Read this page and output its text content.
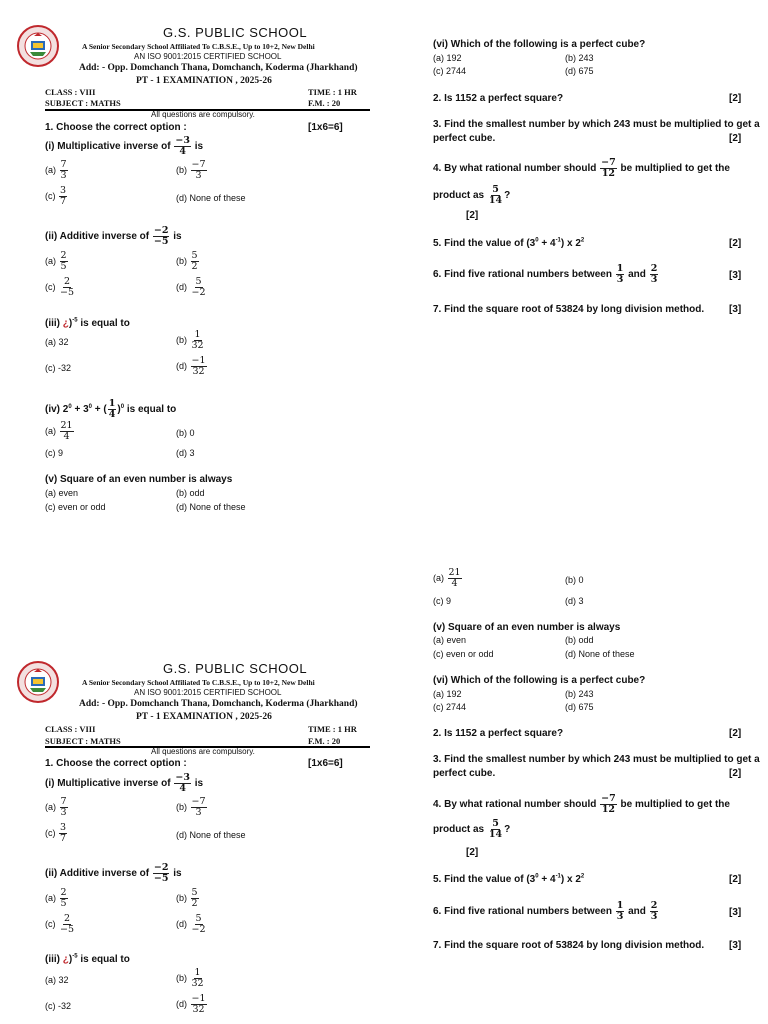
G.S. PUBLIC SCHOOL
A Senior Secondary School Affiliated To C.B.S.E., Up to 10+2, New Delhi
AN ISO 9001:2015 CERTIFIED SCHOOL
Add: - Opp. Domchanch Thana, Domchanch, Koderma (Jharkhand)
PT - 1 EXAMINATION , 2025-26
CLASS : VIII	TIME : 1 HR
SUBJECT : MATHS	F.M. : 20
All questions are compulsory.
1. Choose the correct option :	[1x6=6]
(i) Multiplicative inverse of $\frac{-3}{4}$ is
$(a) \frac{7}{3}$	$(b) \frac{-7}{3}$
$(c) \frac{3}{7}$	(d) None of these
(ii) Additive inverse of $\frac{-2}{-5}$ is
$(a) \frac{2}{5}$	$(b) \frac{5}{2}$
$(c) \frac{2}{-5}$	$(d) \frac{5}{-2}$
(iii) ¿)$^{-5}$ is equal to
(a) 32	$(b) \frac{1}{32}$
(c) -32	$(d) \frac{-1}{32}$
(iv) $2^0 + 3^0$ + ( $\frac{1}{4} )^0$ is equal to
$(a) \frac{21}{4}$	(b) 0
(c) 9	(d) 3
(v) Square of an even number is always
(a) even	(b) odd
(c) even or odd	(d) None of these
(vi) Which of the following is a perfect cube?
(a) 192	(b) 243
(c) 2744	(d) 675
2. Is 1152 a perfect square?	[2]
3. Find the smallest number by which 243 must be multiplied to get a
perfect cube.	[2]
4. By what rational number should $\frac{-7}{12}$ be multiplied to get the
product as $\frac{5}{14}$ ?
[2]
5. Find the value of $(3^0 + 4^{-1})$ x $2^2$	[2]
6. Find five rational numbers between $\frac{1}{3}$ and $\frac{2}{3}$	[3]
7. Find the square root of 53824 by long division method. [3]
$(a) \frac{21}{4}$	(b) 0
(c) 9	(d) 3
(v) Square of an even number is always
(a) even	(b) odd
(c) even or odd	(d) None of these
(vi) Which of the following is a perfect cube?
(a) 192	(b) 243
(c) 2744	(d) 675
2. Is 1152 a perfect square?	[2]
3. Find the smallest number by which 243 must be multiplied to get a
perfect cube.	[2]
4. By what rational number should $\frac{-7}{12}$ be multiplied to get the
product as $\frac{5}{14}$ ?
[2]
5. Find the value of $(3^0 + 4^{-1})$ x $2^2$	[2]
6. Find five rational numbers between $\frac{1}{3}$ and $\frac{2}{3}$	[3]
7. Find the square root of 53824 by long division method. [3]
G.S. PUBLIC SCHOOL
A Senior Secondary School Affiliated To C.B.S.E., Up to 10+2, New Delhi
AN ISO 9001:2015 CERTIFIED SCHOOL
Add: - Opp. Domchanch Thana, Domchanch, Koderma (Jharkhand)
PT - 1 EXAMINATION , 2025-26
CLASS : VIII	TIME : 1 HR
SUBJECT : MATHS	F.M. : 20
All questions are compulsory.
1. Choose the correct option :	[1x6=6]
(i) Multiplicative inverse of $\frac{-3}{4}$ is
$(a) \frac{7}{3}$	$(b) \frac{-7}{3}$
$(c) \frac{3}{7}$	(d) None of these
(ii) Additive inverse of $\frac{-2}{-5}$ is
$(a) \frac{2}{5}$	$(b) \frac{5}{2}$
$(c) \frac{2}{-5}$	$(d) \frac{5}{-2}$
(iii) ¿)$^{-5}$ is equal to
(a) 32	$(b) \frac{1}{32}$
(c) -32	$(d) \frac{-1}{32}$
